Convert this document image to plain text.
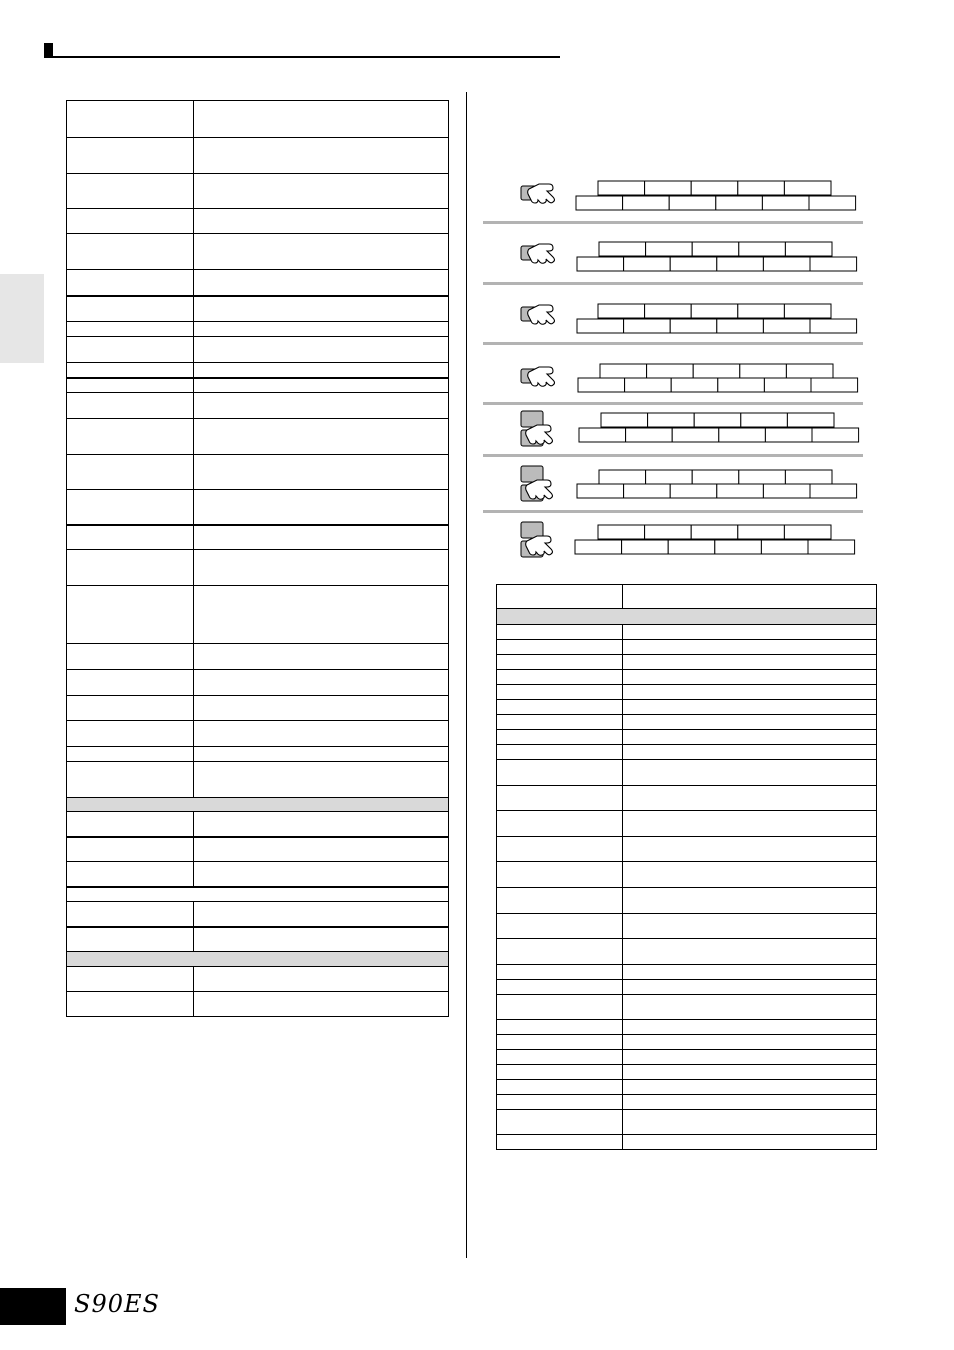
S90ES
